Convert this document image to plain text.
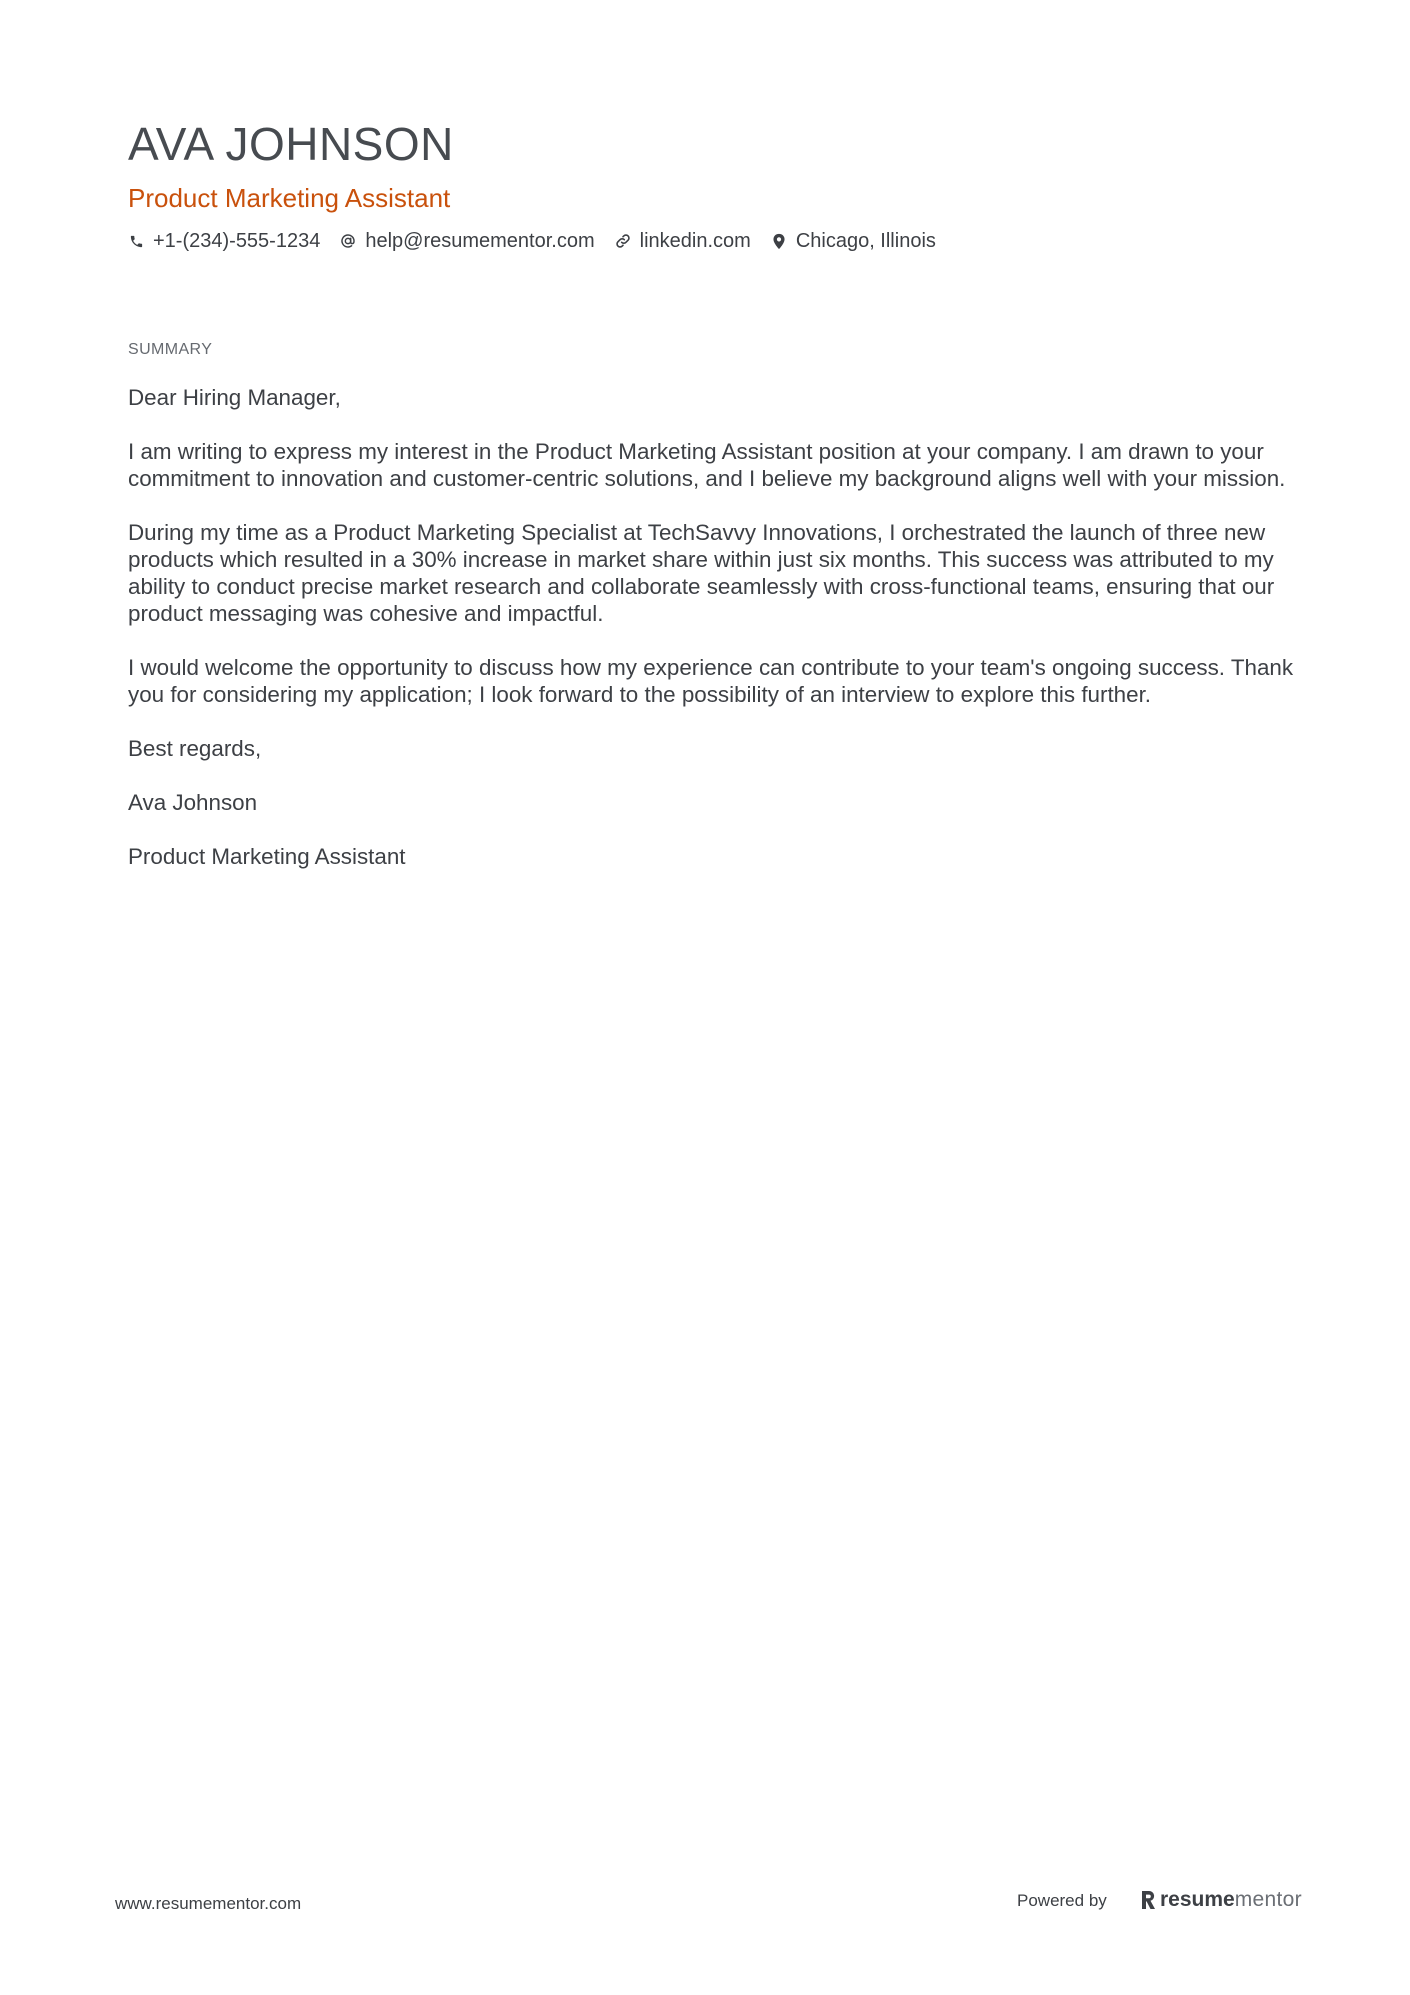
AVA JOHNSON
Product Marketing Assistant
+1-(234)-555-1234 help@resumementor.com linkedin.com Chicago, Illinois
SUMMARY

Dear Hiring Manager,

I am writing to express my interest in the Product Marketing Assistant position at your company. I am drawn to your commitment to innovation and customer-centric solutions, and I believe my background aligns well with your mission.

During my time as a Product Marketing Specialist at TechSavvy Innovations, I orchestrated the launch of three new products which resulted in a 30% increase in market share within just six months. This success was attributed to my ability to conduct precise market research and collaborate seamlessly with cross-functional teams, ensuring that our product messaging was cohesive and impactful.

I would welcome the opportunity to discuss how my experience can contribute to your team's ongoing success. Thank you for considering my application; I look forward to the possibility of an interview to explore this further.

Best regards,

Ava Johnson

Product Marketing Assistant

www.resumementor.com	Powered by	resume mentor
